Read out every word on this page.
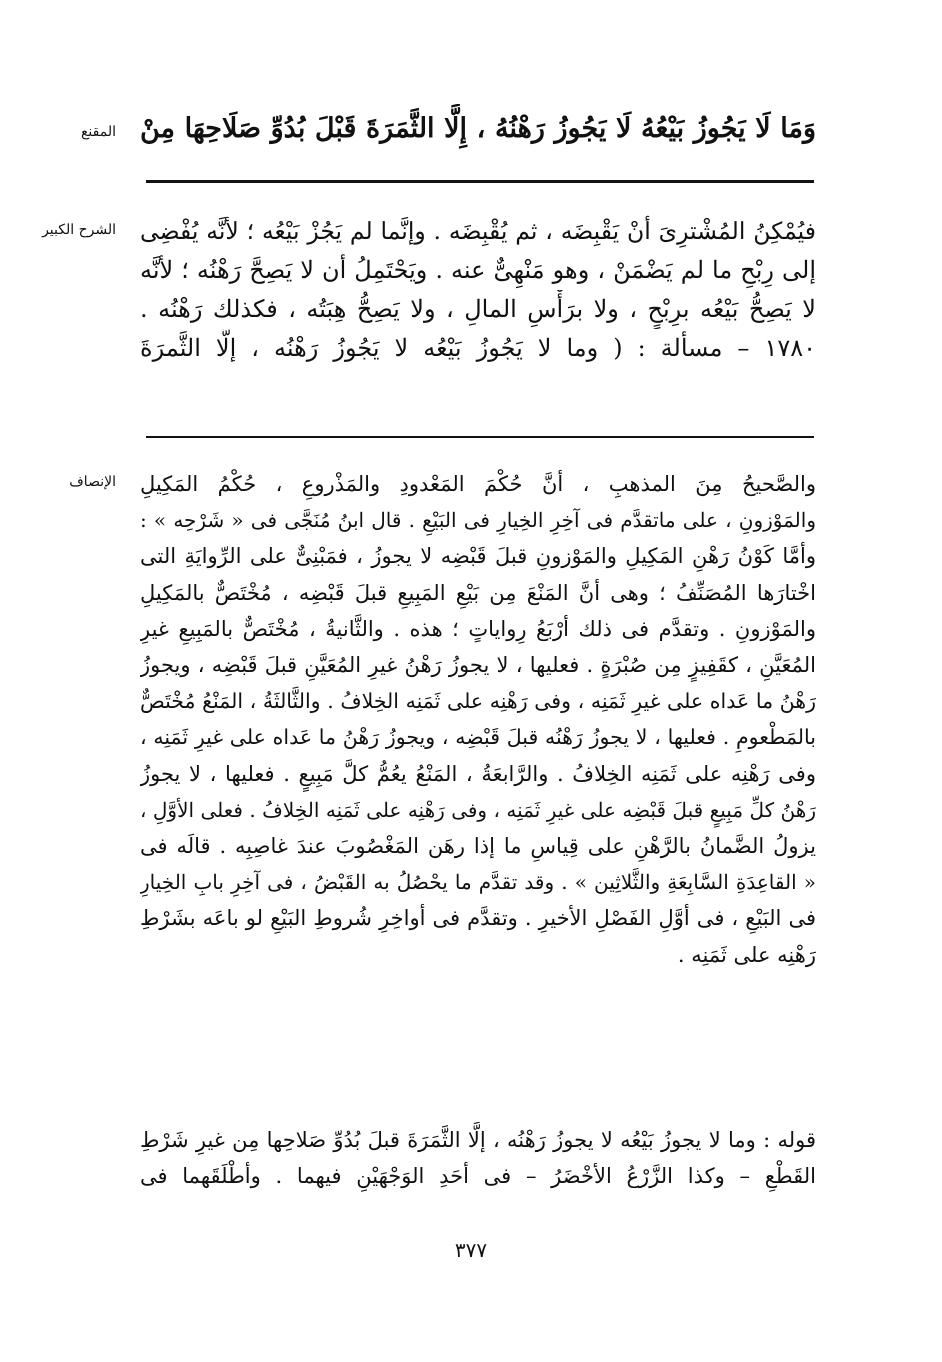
المقنع وَمَا لَا يَجُوزُ بَيْعُهُ لَا يَجُوزُ رَهْنُهُ ، إِلَّا الثَّمَرَةَ قَبْلَ بُدُوِّ صَلَاحِهَا مِنْ
الشرح الكبير فيُمْكِنُ المُشْترِىَ أنْ يَقْبِضَه ، ثم يُقْبِضَه . وإنَّما لم يَجُزْ بَيْعُه ؛ لأنَّه يُفْضِى
إلى رِبْحِ ما لم يَضْمَنْ ، وهو مَنْهِىٌّ عنه . ويَحْتَمِلُ أن لا يَصِحَّ رَهْنُه ؛ لأنَّه
لا يَصِحُّ بَيْعُه برِبْحٍ ، ولا برَأْسِ المالِ ، ولا يَصِحُّ هِبَتُه ، فكذلك رَهْنُه .
١٧٨٠ – مسألة : ( وما لا يَجُوزُ بَيْعُه لا يَجُوزُ رَهْنُه ، إلَّا الثَّمرَةَ
الإنصاف والصَّحيحُ مِنَ المذهبِ ، أنَّ حُكْمَ المَعْدودِ والمَذْروعِ ، حُكْمُ المَكِيلِ
والمَوْزونِ ، على ماتقدَّم فى آخِرِ الخِيارِ فى البَيْعِ . قال ابنُ مُنَجَّى فى « شَرْحِه » :
وأمَّا كَوْنُ رَهْنِ المَكِيلِ والمَوْزونِ قبلَ قَبْضِه لا يجوزُ ، فمَبْنِىٌّ على الرِّوايَةِ التى
اخْتارَها المُصَنِّفُ ؛ وهى أنَّ المَنْعَ مِن بَيْعِ المَبِيعِ قبلَ قَبْضِه ، مُخْتَصٌّ بالمَكِيلِ
والمَوْزونِ . وتقدَّم فى ذلك أرْبَعُ رِواياتٍ ؛ هذه . والثَّانيةُ ، مُخْتَصٌّ بالمَبِيعِ غيرِ
المُعَيَّنِ ، كقَفِيزٍ مِن صُبْرَةٍ . فعليها ، لا يجوزُ رَهْنُ غيرِ المُعَيَّنِ قبلَ قَبْضِه ، ويجوزُ
رَهْنُ ما عَداه على غيرِ ثَمَنِه ، وفى رَهْنِه على ثَمَنِه الخِلافُ . والثَّالثَةُ ، المَنْعُ مُخْتَصٌّ
بالمَطْعومِ . فعليها ، لا يجوزُ رَهْنُه قبلَ قَبْضِه ، ويجوزُ رَهْنُ ما عَداه على غيرِ ثَمَنِه ،
وفى رَهْنِه على ثَمَنِه الخِلافُ . والرَّابعَةُ ، المَنْعُ يعُمُّ كلَّ مَبِيعٍ . فعليها ، لا يجوزُ
رَهْنُ كلِّ مَبِيعٍ قبلَ قَبْضِه على غيرِ ثَمَنِه ، وفى رَهْنِه على ثَمَنِه الخِلافُ . فعلى الأوَّلِ ،
يزولُ الضَّمانُ بالرَّهْنِ على قِياسِ ما إذا رهَن المَغْصُوبَ عندَ غاصِبِه . قالَه فى
« القاعِدَةِ السَّابِعَةِ والثَّلاثِين » . وقد تقدَّم ما يحْصُلُ به القَبْضُ ، فى آخِرِ بابِ الخِيارِ
فى البَيْعِ ، فى أوَّلِ الفَصْلِ الأخيرِ . وتقدَّم فى أواخِرِ شُروطِ البَيْعِ لو باعَه بشَرْطِ
رَهْنِه على ثَمَنِه .
قوله : وما لا يجوزُ بَيْعُه لا يجوزُ رَهْنُه ، إلَّا الثَّمَرَةَ قبلَ بُدُوِّ صَلاحِها مِن غيرِ شَرْطِ
القَطْعِ – وكذا الزَّرْعُ الأخْضَرُ – فى أحَدِ الوَجْهَيْنِ فيهما . وأطْلَقَهما فى
٣٧٧
